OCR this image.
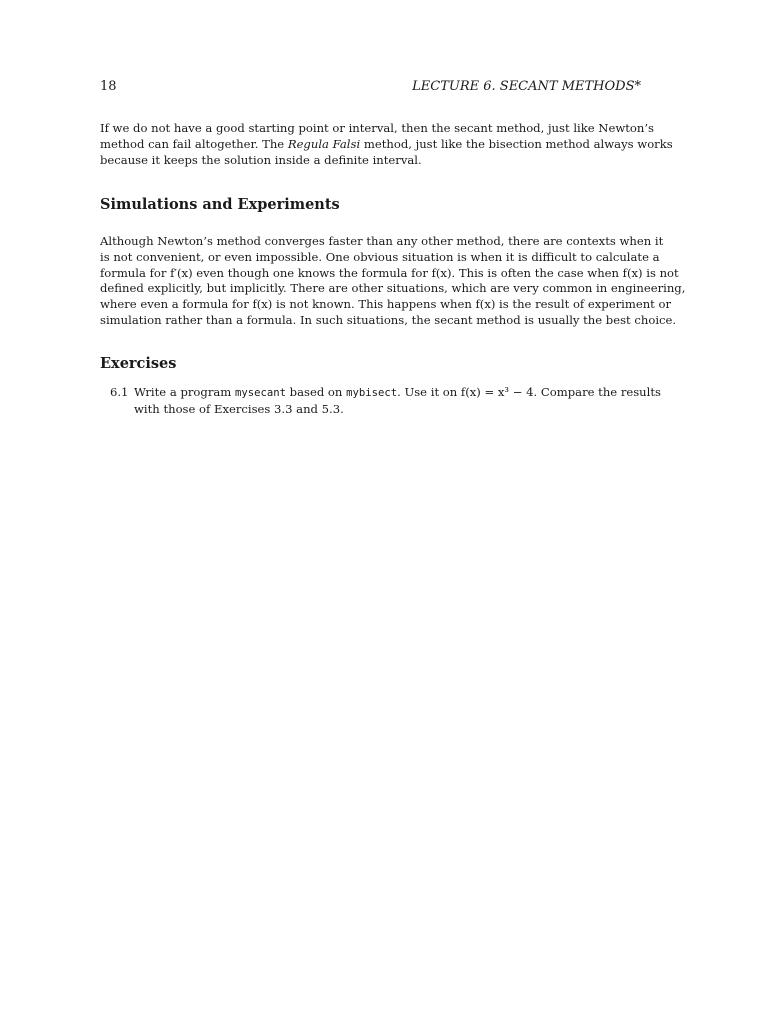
18	LECTURE 6. SECANT METHODS*
If we do not have a good starting point or interval, then the secant method, just like Newton’s
method can fail altogether. The Regula Falsi method, just like the bisection method always works
because it keeps the solution inside a definite interval.
Simulations and Experiments
Although Newton’s method converges faster than any other method, there are contexts when it
is not convenient, or even impossible. One obvious situation is when it is difficult to calculate a
formula for f′(x) even though one knows the formula for f(x). This is often the case when f(x) is not
defined explicitly, but implicitly. There are other situations, which are very common in engineering,
where even a formula for f(x) is not known. This happens when f(x) is the result of experiment or
simulation rather than a formula. In such situations, the secant method is usually the best choice.
Exercises
6.1 Write a program mysecant based on mybisect. Use it on f(x) = x³ − 4. Compare the results
with those of Exercises 3.3 and 5.3.
